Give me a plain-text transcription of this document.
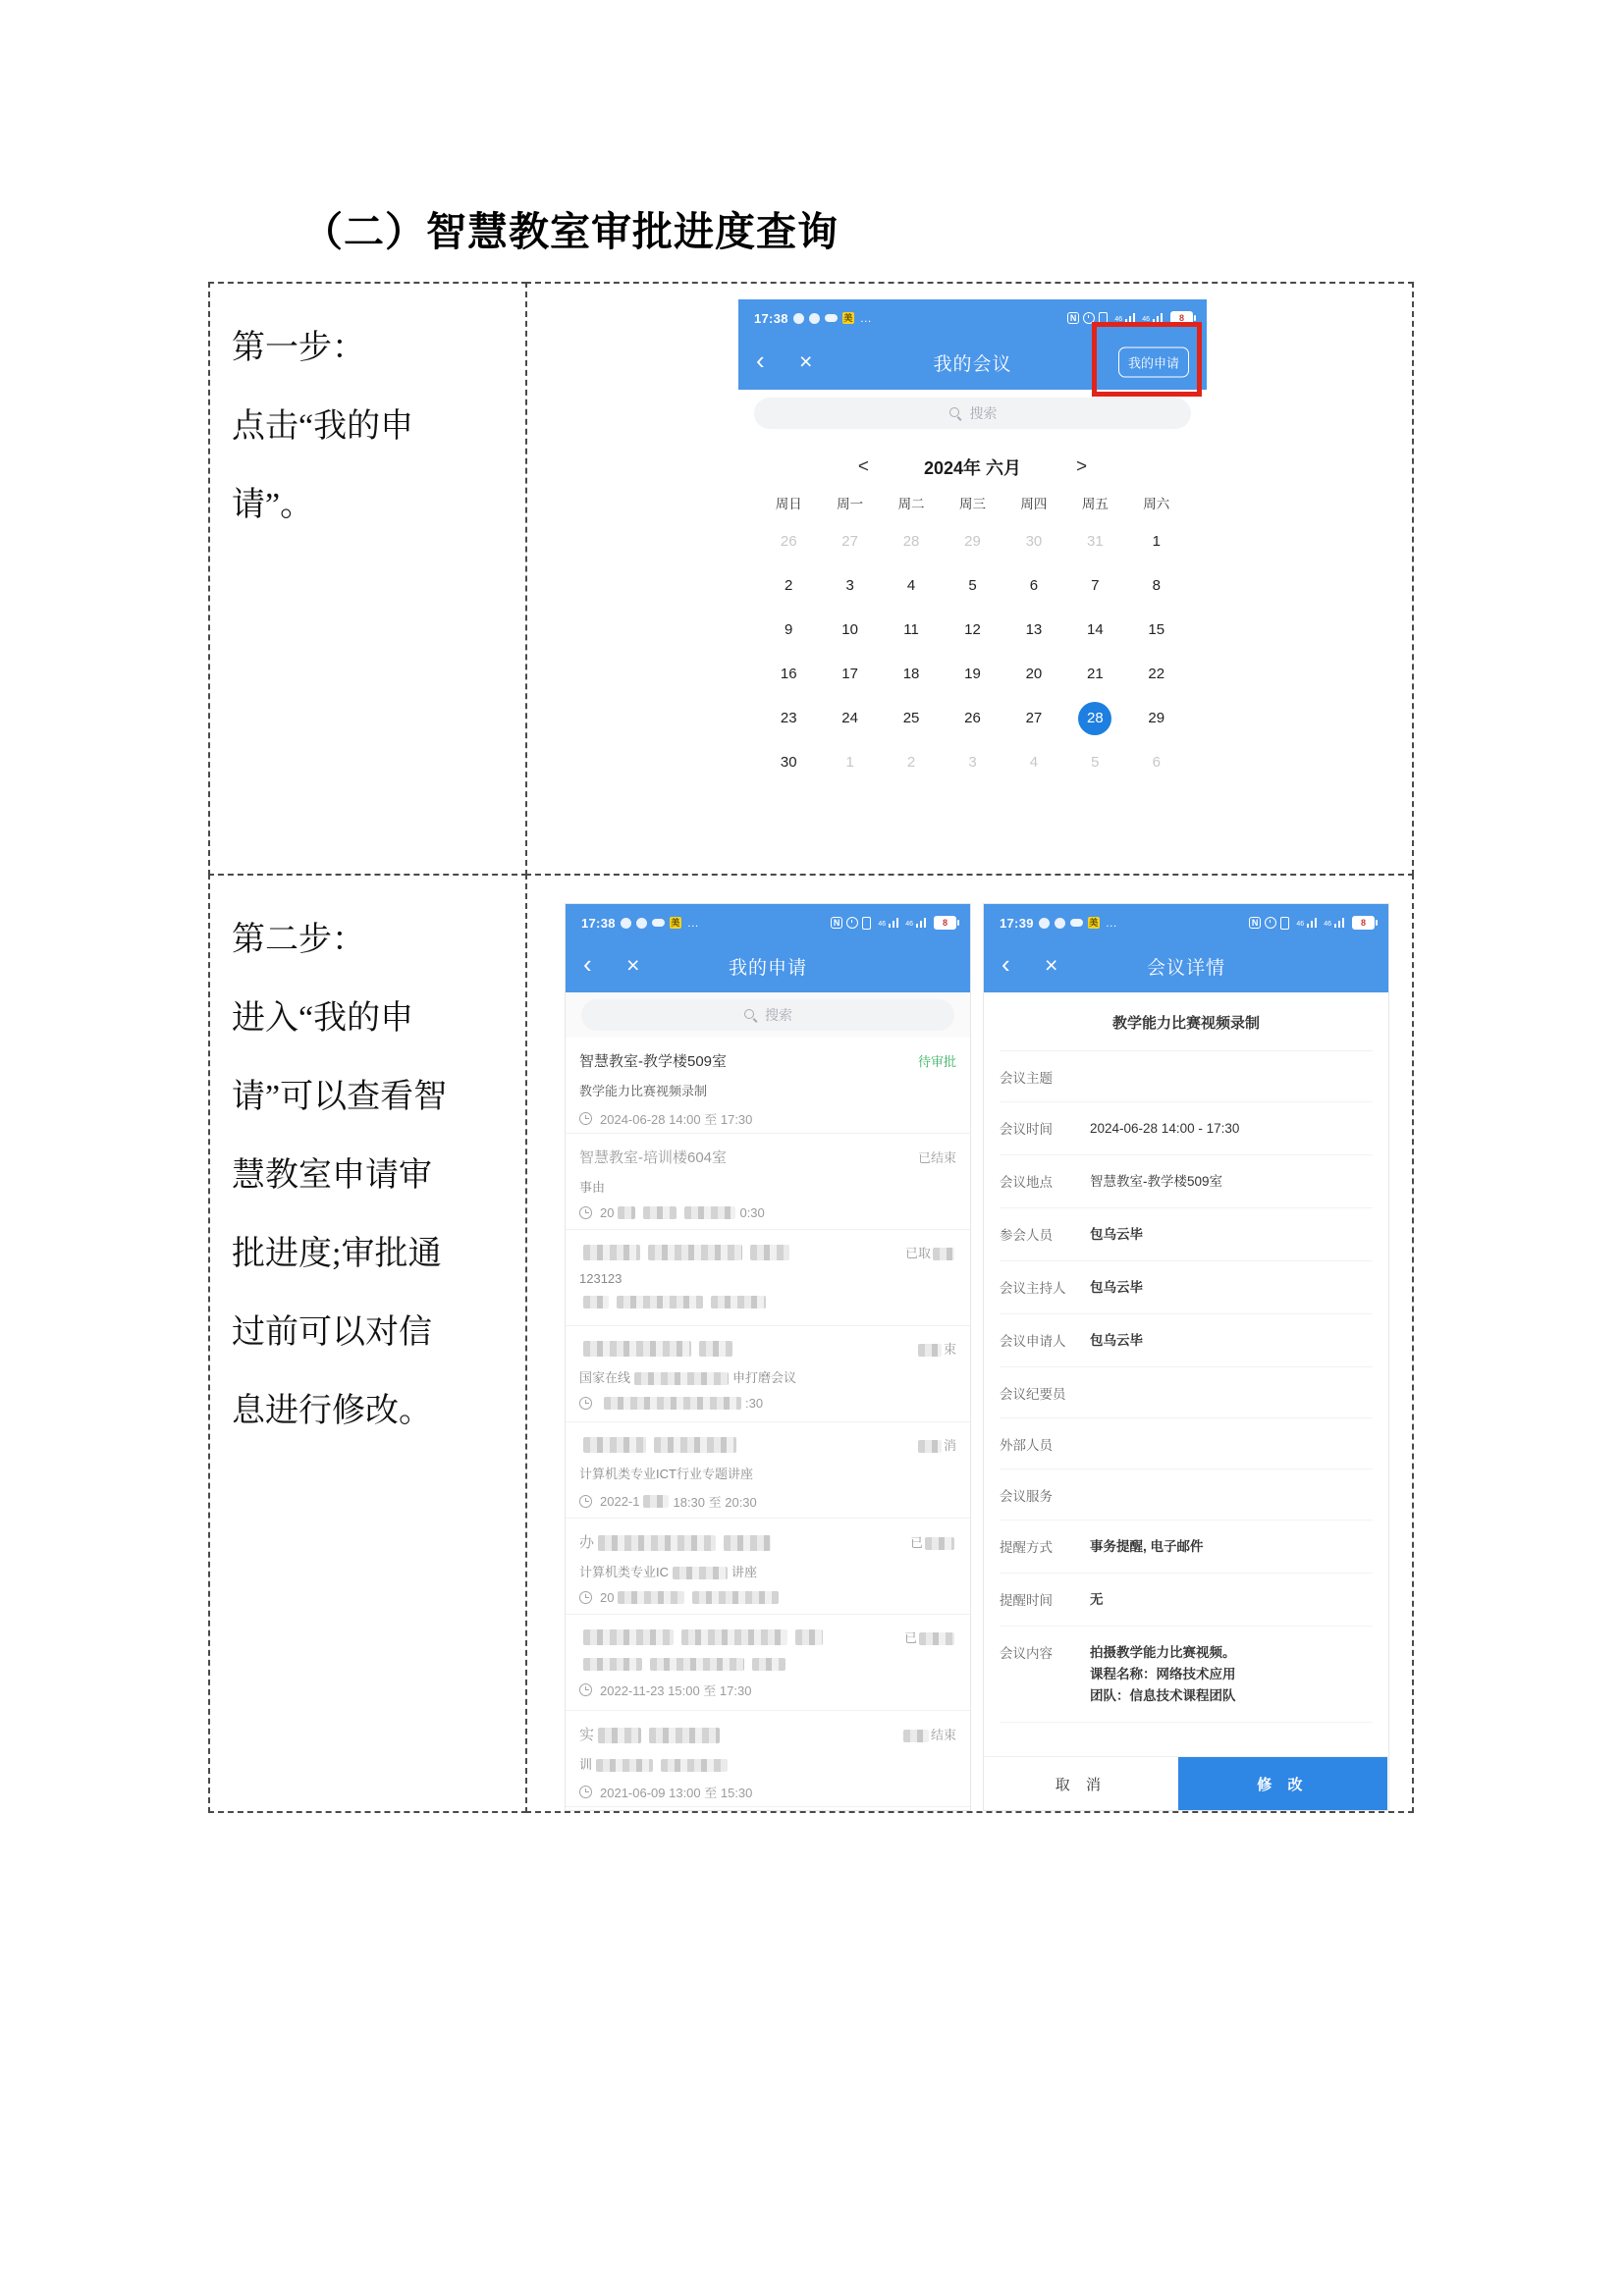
（二）智慧教室审批进度查询
第一步：
点击“我的申
请”。
第二步：
进入“我的申
请”可以查看智
慧教室申请审
批进度;审批通
过前可以对信
息进行修改。
17:38	美 …	N	46	46	8
‹ ×	我的会议	我的申请
搜索
<	2024年 六月	>
周日	周一	周二	周三	周四	周五	周六
26	27	28	29	30	31	1
2	3	4	5	6	7	8
9	10	11	12	13	14	15
16	17	18	19	20	21	22
23	24	25	26	27	28	29
30	1	2	3	4	5	6
17:38	美 …	N	46	46	8
‹ ×	我的申请
搜索
智慧教室-教学楼509室	待审批
教学能力比赛视频录制
2024-06-28 14:00 至 17:30
智慧教室-培训楼604室	已结束
事由
20	0:30
已取
123123
束
国家在线	申打磨会议
:30
消
计算机类专业ICT行业专题讲座
2022-1	18:30 至 20:30
办	已
计算机类专业IC	讲座
20
已
2022-11-23 15:00 至 17:30
实	结束
训
2021-06-09 13:00 至 15:30
17:39	美 …	N	46	46	8
‹ ×	会议详情
教学能力比赛视频录制
会议主题
会议时间	2024-06-28 14:00 - 17:30
会议地点	智慧教室-教学楼509室
参会人员	包乌云毕
会议主持人	包乌云毕
会议申请人	包乌云毕
会议纪要员
外部人员
会议服务
提醒方式	事务提醒, 电子邮件
提醒时间	无
会议内容	拍摄教学能力比赛视频。
课程名称：网络技术应用
团队：信息技术课程团队
取 消	修 改
